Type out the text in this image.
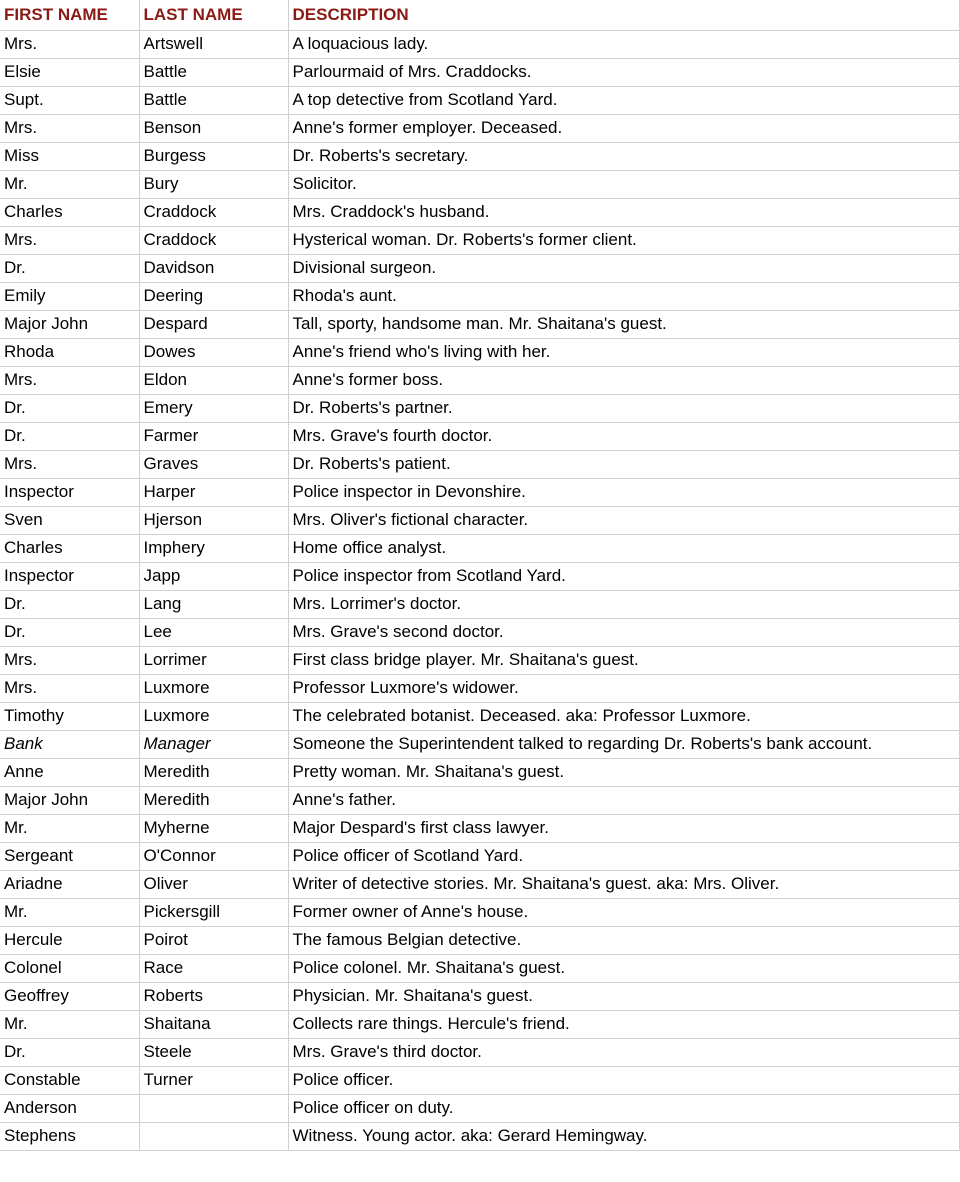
FIRST NAME	LAST NAME	DESCRIPTION
Mrs.	Artswell	A loquacious lady.
Elsie	Battle	Parlourmaid of Mrs. Craddocks.
Supt.	Battle	A top detective from Scotland Yard.
Mrs.	Benson	Anne's former employer. Deceased.
Miss	Burgess	Dr. Roberts's secretary.
Mr.	Bury	Solicitor.
Charles	Craddock	Mrs. Craddock's husband.
Mrs.	Craddock	Hysterical woman. Dr. Roberts's former client.
Dr.	Davidson	Divisional surgeon.
Emily	Deering	Rhoda's aunt.
Major John	Despard	Tall, sporty, handsome man. Mr. Shaitana's guest.
Rhoda	Dowes	Anne's friend who's living with her.
Mrs.	Eldon	Anne's former boss.
Dr.	Emery	Dr. Roberts's partner.
Dr.	Farmer	Mrs. Grave's fourth doctor.
Mrs.	Graves	Dr. Roberts's patient.
Inspector	Harper	Police inspector in Devonshire.
Sven	Hjerson	Mrs. Oliver's fictional character.
Charles	Imphery	Home office analyst.
Inspector	Japp	Police inspector from Scotland Yard.
Dr.	Lang	Mrs. Lorrimer's doctor.
Dr.	Lee	Mrs. Grave's second doctor.
Mrs.	Lorrimer	First class bridge player. Mr. Shaitana's guest.
Mrs.	Luxmore	Professor Luxmore's widower.
Timothy	Luxmore	The celebrated botanist. Deceased. aka: Professor Luxmore.
Bank	Manager	Someone the Superintendent talked to regarding Dr. Roberts's bank account.
Anne	Meredith	Pretty woman. Mr. Shaitana's guest.
Major John	Meredith	Anne's father.
Mr.	Myherne	Major Despard's first class lawyer.
Sergeant	O'Connor	Police officer of Scotland Yard.
Ariadne	Oliver	Writer of detective stories. Mr. Shaitana's guest. aka: Mrs. Oliver.
Mr.	Pickersgill	Former owner of Anne's house.
Hercule	Poirot	The famous Belgian detective.
Colonel	Race	Police colonel. Mr. Shaitana's guest.
Geoffrey	Roberts	Physician. Mr. Shaitana's guest.
Mr.	Shaitana	Collects rare things. Hercule's friend.
Dr.	Steele	Mrs. Grave's third doctor.
Constable	Turner	Police officer.
Anderson		Police officer on duty.
Stephens		Witness. Young actor. aka: Gerard Hemingway.
